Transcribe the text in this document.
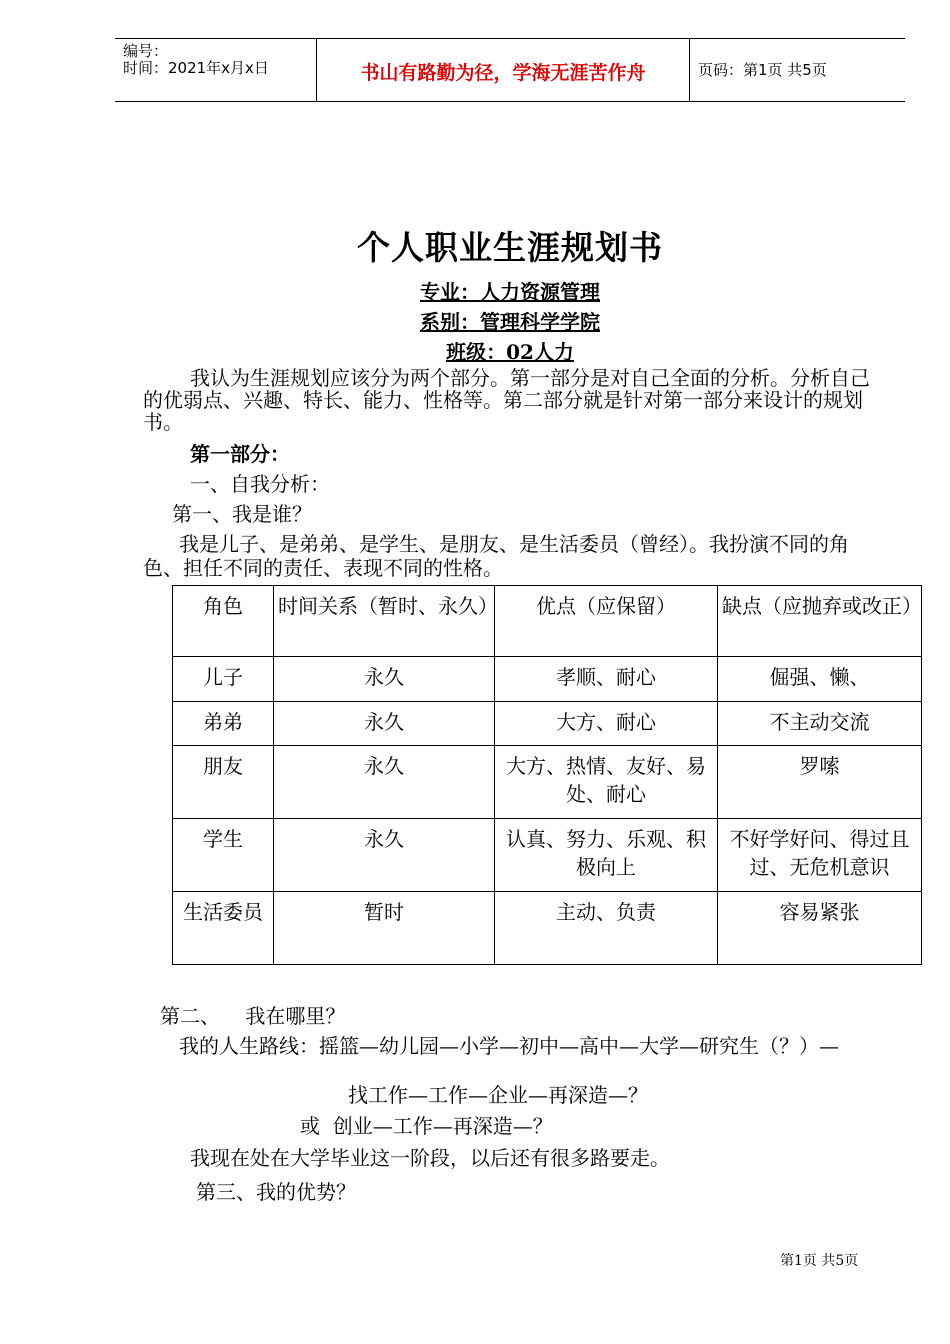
编号：
时间：2021年x月x日	书山有路勤为径，学海无涯苦作舟	页码：第1页 共5页
个人职业生涯规划书
专业：人力资源管理
系别：管理科学学院
班级：02人力
我认为生涯规划应该分为两个部分。第一部分是对自己全面的分析。分析自己的优弱点、兴趣、特长、能力、性格等。第二部分就是针对第一部分来设计的规划书。
第一部分：
一、自我分析：
第一、我是谁？
我是儿子、是弟弟、是学生、是朋友、是生活委员（曾经）。我扮演不同的角色、担任不同的责任、表现不同的性格。
角色	时间关系（暂时、永久）	优点（应保留）	缺点（应抛弃或改正）
儿子	永久	孝顺、耐心	倔强、懒、
弟弟	永久	大方、耐心	不主动交流
朋友	永久	大方、热情、友好、易处、耐心	罗嗦
学生	永久	认真、努力、乐观、积极向上	不好学好问、得过且过、无危机意识
生活委员	暂时	主动、负责	容易紧张
第二、    我在哪里？
我的人生路线：摇篮—幼儿园—小学—初中—高中—大学—研究生（？）—
找工作—工作—企业—再深造—？
或  创业—工作—再深造—？
我现在处在大学毕业这一阶段，以后还有很多路要走。
第三、我的优势？
第1页 共5页
